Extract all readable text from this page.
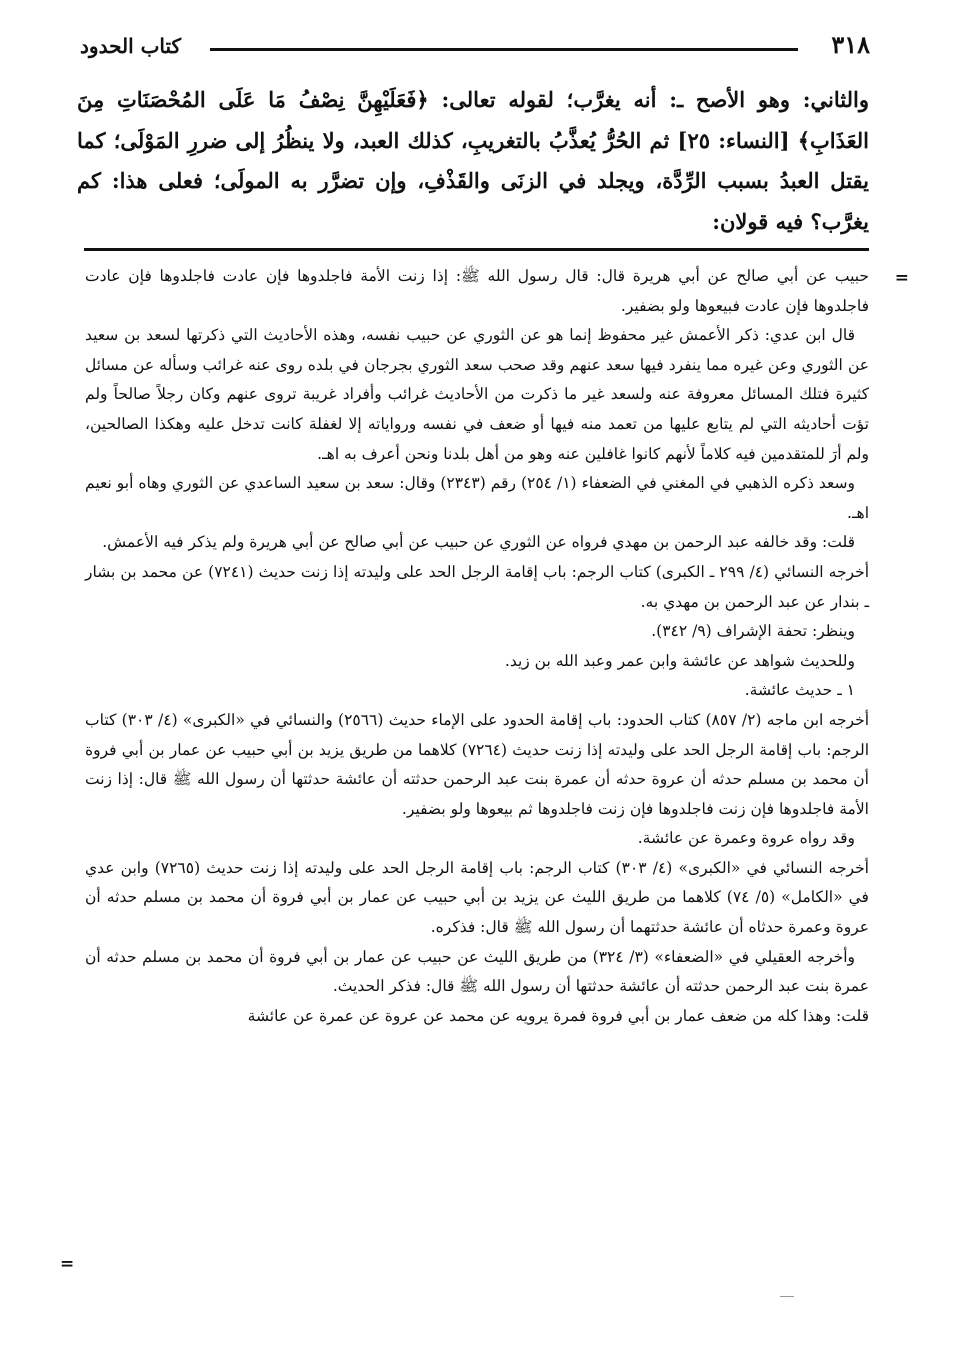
٣١٨
كتاب الحدود
والثاني: وهو الأصح ـ: أنه يغرَّب؛ لقوله تعالى: ﴿فَعَلَيْهِنَّ نِصْفُ مَا عَلَى المُحْصَنَاتِ مِنَ العَذَابِ﴾ [النساء: ٢٥] ثم الحُرُّ يُعذَّبُ بالتغريبِ، كذلك العبد، ولا ينظُرُ إلى ضررِ المَوْلَى؛ كما يقتل العبدُ بسبب الرِّدَّة، ويجلد في الزنَى والقَذْفِ، وإن تضرَّر به المولَى؛ فعلى هذا: كم يغرَّب؟ فيه قولان:
=

حبيب عن أبي صالح عن أبي هريرة قال: قال رسول الله ﷺ: إذا زنت الأمة فاجلدوها فإن عادت فاجلدوها فإن عادت فاجلدوها فإن عادت فبيعوها ولو بضفير.

قال ابن عدي: ذكر الأعمش غير محفوظ إنما هو عن الثوري عن حبيب نفسه، وهذه الأحاديث التي ذكرتها لسعد بن سعيد عن الثوري وعن غيره مما ينفرد فيها سعد عنهم وقد صحب سعد الثوري بجرجان في بلده روى عنه غرائب وسأله عن مسائل كثيرة فتلك المسائل معروفة عنه ولسعد غير ما ذكرت من الأحاديث غرائب وأفراد غريبة تروى عنهم وكان رجلاً صالحاً ولم تؤت أحاديثه التي لم يتابع عليها من تعمد منه فيها أو ضعف في نفسه ورواياته إلا لغفلة كانت تدخل عليه وهكذا الصالحين، ولم أرَ للمتقدمين فيه كلاماً لأنهم كانوا غافلين عنه وهو من أهل بلدنا ونحن أعرف به اهـ.

وسعد ذكره الذهبي في المغني في الضعفاء (١/ ٢٥٤) رقم (٢٣٤٣) وقال: سعد بن سعيد الساعدي عن الثوري وهاه أبو نعيم اهـ.

قلت: وقد خالفه عبد الرحمن بن مهدي فرواه عن الثوري عن حبيب عن أبي صالح عن أبي هريرة ولم يذكر فيه الأعمش.

أخرجه النسائي (٤/ ٢٩٩ ـ الكبرى) كتاب الرجم: باب إقامة الرجل الحد على وليدته إذا زنت حديث (٧٢٤١) عن محمد بن بشار ـ بندار عن عبد الرحمن بن مهدي به.

وينظر: تحفة الإشراف (٩/ ٣٤٢).

وللحديث شواهد عن عائشة وابن عمر وعبد الله بن زيد.

١ ـ حديث عائشة.

أخرجه ابن ماجه (٢/ ٨٥٧) كتاب الحدود: باب إقامة الحدود على الإماء حديث (٢٥٦٦) والنسائي في «الكبرى» (٤/ ٣٠٣) كتاب الرجم: باب إقامة الرجل الحد على وليدته إذا زنت حديث (٧٢٦٤) كلاهما من طريق يزيد بن أبي حبيب عن عمار بن أبي فروة أن محمد بن مسلم حدثه أن عروة حدثه أن عمرة بنت عبد الرحمن حدثته أن عائشة حدثتها أن رسول الله ﷺ قال: إذا زنت الأمة فاجلدوها فإن زنت فاجلدوها فإن زنت فاجلدوها ثم بيعوها ولو بضفير.

وقد رواه عروة وعمرة عن عائشة.

أخرجه النسائي في «الكبرى» (٤/ ٣٠٣) كتاب الرجم: باب إقامة الرجل الحد على وليدته إذا زنت حديث (٧٢٦٥) وابن عدي في «الكامل» (٥/ ٧٤) كلاهما من طريق الليث عن يزيد بن أبي حبيب عن عمار بن أبي فروة أن محمد بن مسلم حدثه أن عروة وعمرة حدثاه أن عائشة حدثتهما أن رسول الله ﷺ قال: فذكره.

وأخرجه العقيلي في «الضعفاء» (٣/ ٣٢٤) من طريق الليث عن حبيب عن عمار بن أبي فروة أن محمد بن مسلم حدثه أن عمرة بنت عبد الرحمن حدثته أن عائشة حدثتها أن رسول الله ﷺ قال: فذكر الحديث.

قلت: وهذا كله من ضعف عمار بن أبي فروة فمرة يرويه عن محمد عن عروة عن عمرة عن عائشة

=
